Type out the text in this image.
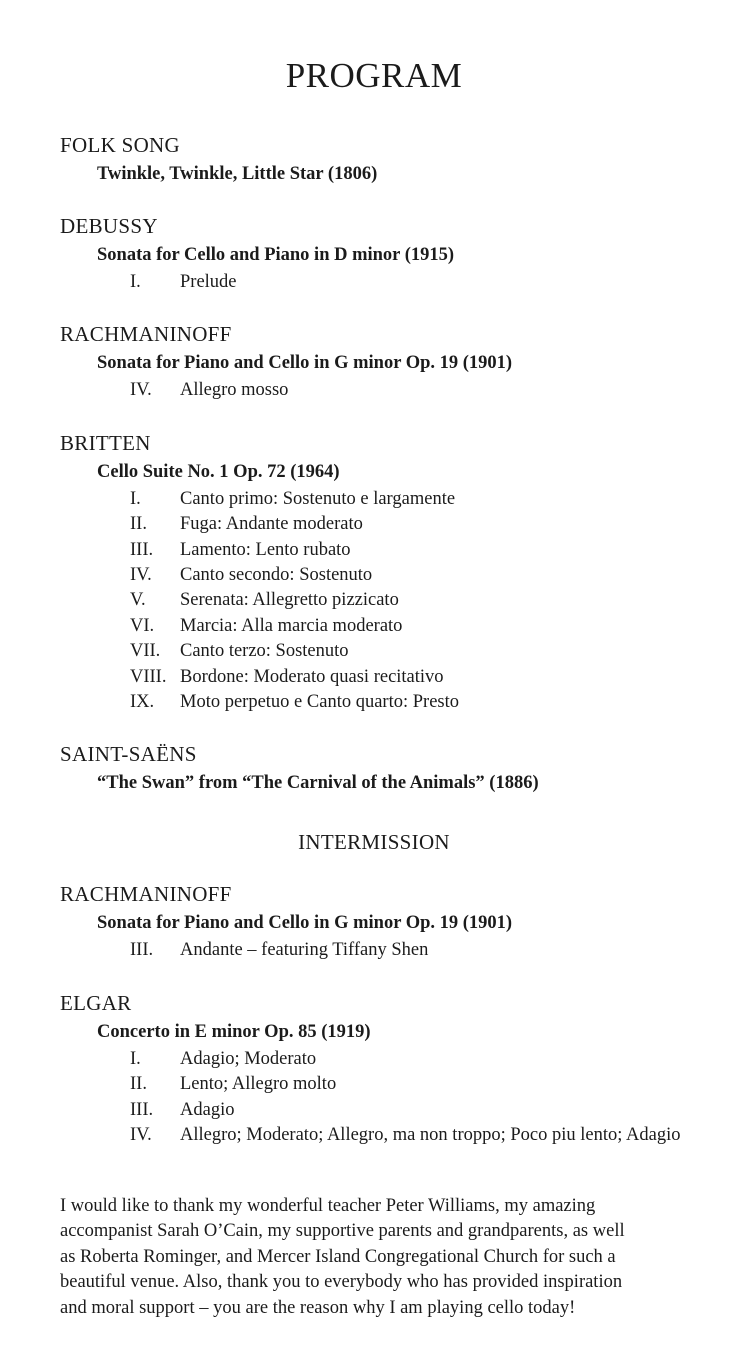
PROGRAM
FOLK SONG
Twinkle, Twinkle, Little Star (1806)
DEBUSSY
Sonata for Cello and Piano in D minor (1915)
I.	Prelude
RACHMANINOFF
Sonata for Piano and Cello in G minor Op. 19 (1901)
IV.	Allegro mosso
BRITTEN
Cello Suite No. 1 Op. 72 (1964)
I.	Canto primo: Sostenuto e largamente
II.	Fuga: Andante moderato
III.	Lamento: Lento rubato
IV.	Canto secondo: Sostenuto
V.	Serenata: Allegretto pizzicato
VI.	Marcia: Alla marcia moderato
VII.	Canto terzo: Sostenuto
VIII. Bordone: Moderato quasi recitativo
IX.	Moto perpetuo e Canto quarto: Presto
SAINT-SAËNS
“The Swan” from “The Carnival of the Animals” (1886)
INTERMISSION
RACHMANINOFF
Sonata for Piano and Cello in G minor Op. 19 (1901)
III.	Andante – featuring Tiffany Shen
ELGAR
Concerto in E minor Op. 85 (1919)
I.	Adagio; Moderato
II.	Lento; Allegro molto
III.	Adagio
IV.	Allegro; Moderato; Allegro, ma non troppo; Poco piu lento; Adagio
I would like to thank my wonderful teacher Peter Williams, my amazing
accompanist Sarah O’Cain, my supportive parents and grandparents, as well
as Roberta Rominger, and Mercer Island Congregational Church for such a
beautiful venue. Also, thank you to everybody who has provided inspiration
and moral support – you are the reason why I am playing cello today!
